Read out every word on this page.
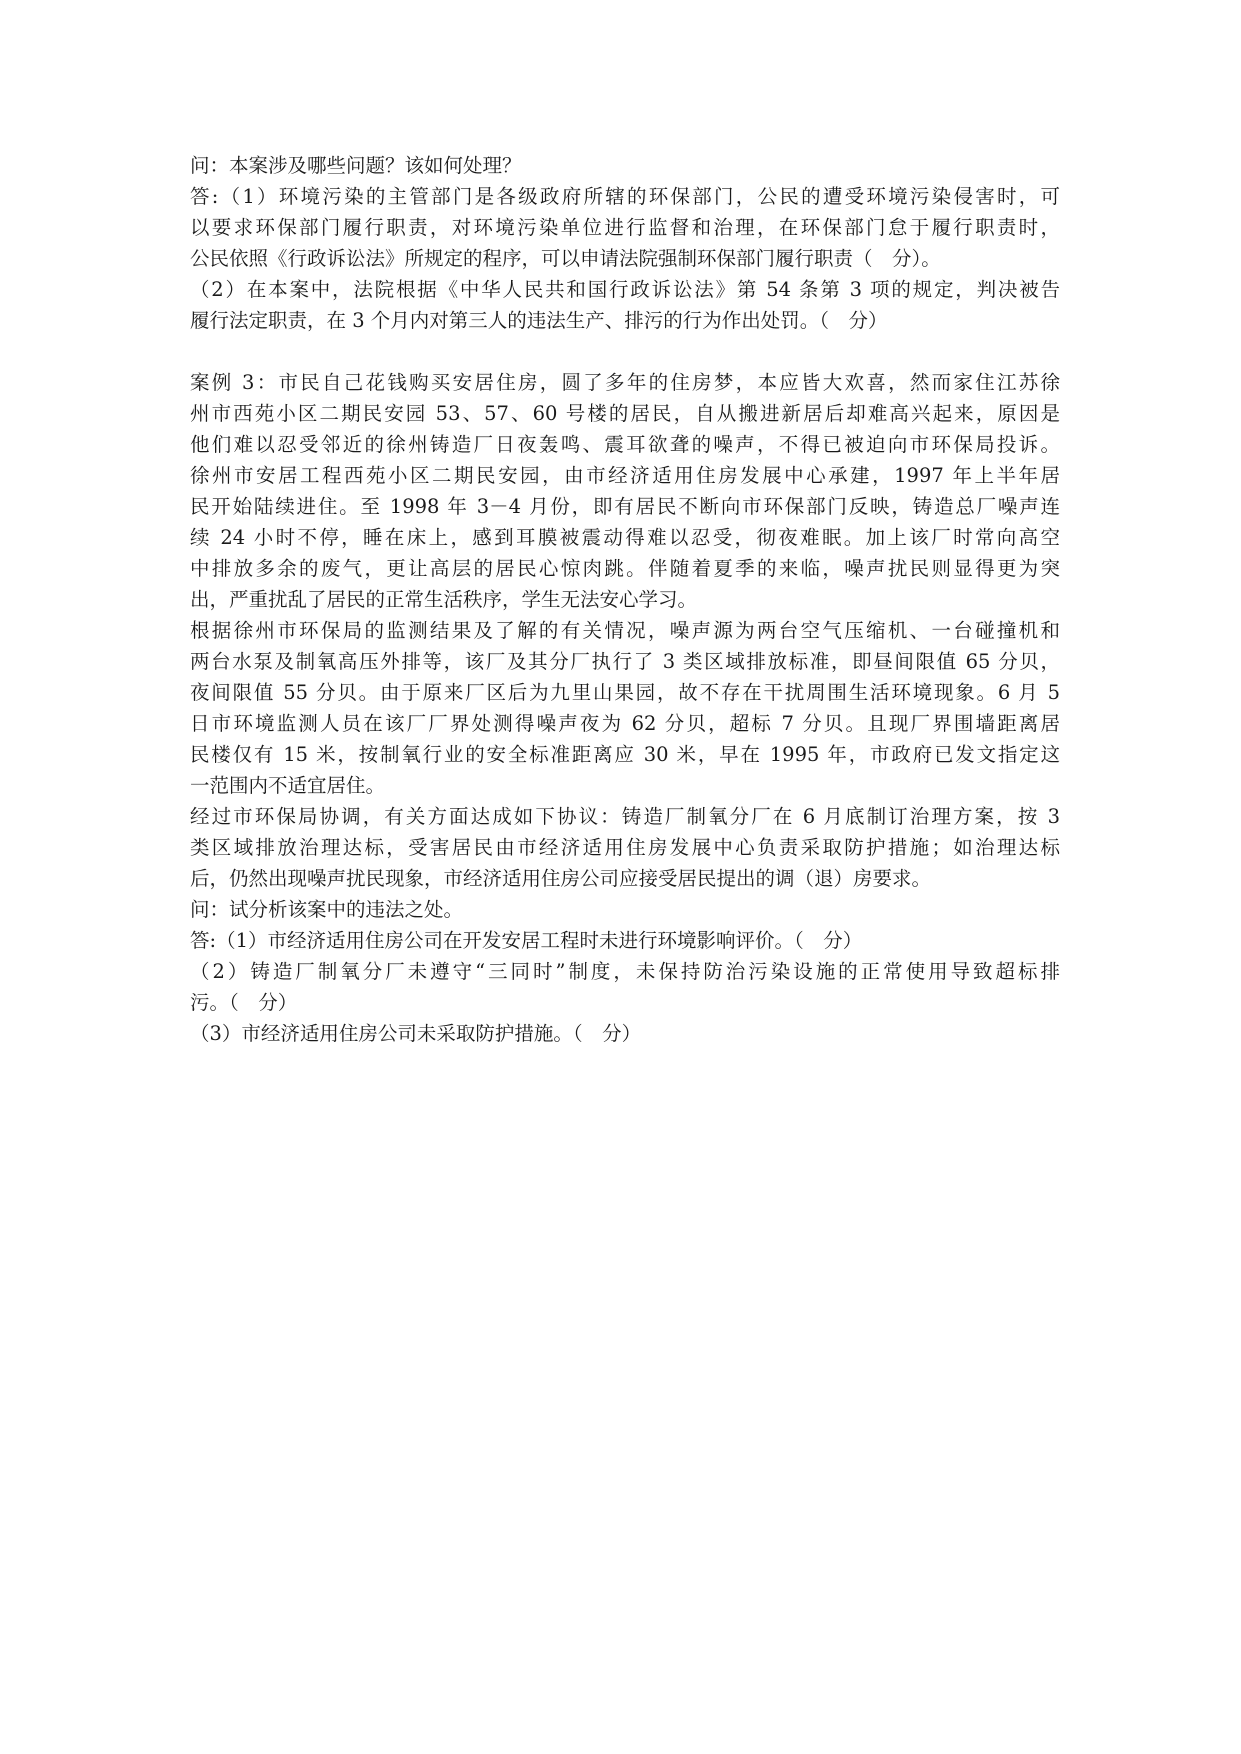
问：本案涉及哪些问题？该如何处理？
答:（1）环境污染的主管部门是各级政府所辖的环保部门，公民的遭受环境污染侵害时，可
以要求环保部门履行职责，对环境污染单位进行监督和治理，在环保部门怠于履行职责时，
公民依照《行政诉讼法》所规定的程序，可以申请法院强制环保部门履行职责（　分）。
（2）在本案中，法院根据《中华人民共和国行政诉讼法》第 54 条第 3 项的规定，判决被告
履行法定职责，在 3 个月内对第三人的违法生产、排污的行为作出处罚。（　分）
案例 3：市民自己花钱购买安居住房，圆了多年的住房梦，本应皆大欢喜，然而家住江苏徐
州市西苑小区二期民安园 53、57、60 号楼的居民，自从搬进新居后却难高兴起来，原因是
他们难以忍受邻近的徐州铸造厂日夜轰鸣、震耳欲聋的噪声，不得已被迫向市环保局投诉。
徐州市安居工程西苑小区二期民安园，由市经济适用住房发展中心承建，1997 年上半年居
民开始陆续进住。至 1998 年 3－4 月份，即有居民不断向市环保部门反映，铸造总厂噪声连
续 24 小时不停，睡在床上，感到耳膜被震动得难以忍受，彻夜难眠。加上该厂时常向高空
中排放多余的废气，更让高层的居民心惊肉跳。伴随着夏季的来临，噪声扰民则显得更为突
出，严重扰乱了居民的正常生活秩序，学生无法安心学习。
根据徐州市环保局的监测结果及了解的有关情况，噪声源为两台空气压缩机、一台碰撞机和
两台水泵及制氧高压外排等，该厂及其分厂执行了 3 类区域排放标准，即昼间限值 65 分贝，
夜间限值 55 分贝。由于原来厂区后为九里山果园，故不存在干扰周围生活环境现象。6 月 5
日市环境监测人员在该厂厂界处测得噪声夜为 62 分贝，超标 7 分贝。且现厂界围墙距离居
民楼仅有 15 米，按制氧行业的安全标准距离应 30 米，早在 1995 年，市政府已发文指定这
一范围内不适宜居住。
经过市环保局协调，有关方面达成如下协议：铸造厂制氧分厂在 6 月底制订治理方案，按 3
类区域排放治理达标，受害居民由市经济适用住房发展中心负责采取防护措施；如治理达标
后，仍然出现噪声扰民现象，市经济适用住房公司应接受居民提出的调（退）房要求。
问：试分析该案中的违法之处。
答:（1）市经济适用住房公司在开发安居工程时未进行环境影响评价。（　分）
（2）铸造厂制氧分厂未遵守“三同时”制度，未保持防治污染设施的正常使用导致超标排
污。（　分）
（3）市经济适用住房公司未采取防护措施。（　分）
